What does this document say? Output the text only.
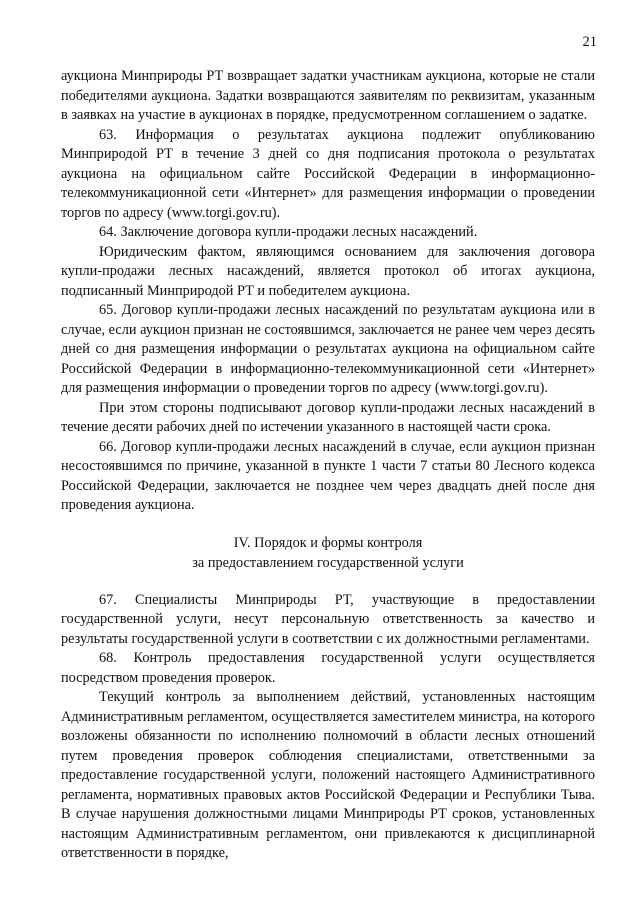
21

аукциона Минприроды РТ возвращает задатки участникам аукциона, которые не стали победителями аукциона. Задатки возвращаются заявителям по реквизитам, указанным в заявках на участие в аукционах в порядке, предусмотренном соглашением о задатке.

63. Информация о результатах аукциона подлежит опубликованию Минприродой РТ в течение 3 дней со дня подписания протокола о результатах аукциона на официальном сайте Российской Федерации в информационно-телекоммуникационной сети «Интернет» для размещения информации о проведении торгов по адресу (www.torgi.gov.ru).

64. Заключение договора купли-продажи лесных насаждений.

Юридическим фактом, являющимся основанием для заключения договора купли-продажи лесных насаждений, является протокол об итогах аукциона, подписанный Минприродой РТ и победителем аукциона.

65. Договор купли-продажи лесных насаждений по результатам аукциона или в случае, если аукцион признан не состоявшимся, заключается не ранее чем через десять дней со дня размещения информации о результатах аукциона на официальном сайте Российской Федерации в информационно-телекоммуникационной сети «Интернет» для размещения информации о проведении торгов по адресу (www.torgi.gov.ru).

При этом стороны подписывают договор купли-продажи лесных насаждений в течение десяти рабочих дней по истечении указанного в настоящей части срока.

66. Договор купли-продажи лесных насаждений в случае, если аукцион признан несостоявшимся по причине, указанной в пункте 1 части 7 статьи 80 Лесного кодекса Российской Федерации, заключается не позднее чем через двадцать дней после дня проведения аукциона.

IV. Порядок и формы контроля
за предоставлением государственной услуги

67. Специалисты Минприроды РТ, участвующие в предоставлении государственной услуги, несут персональную ответственность за качество и результаты государственной услуги в соответствии с их должностными регламентами.

68. Контроль предоставления государственной услуги осуществляется посредством проведения проверок.

Текущий контроль за выполнением действий, установленных настоящим Административным регламентом, осуществляется заместителем министра, на которого возложены обязанности по исполнению полномочий в области лесных отношений путем проведения проверок соблюдения специалистами, ответственными за предоставление государственной услуги, положений настоящего Административного регламента, нормативных правовых актов Российской Федерации и Республики Тыва. В случае нарушения должностными лицами Минприроды РТ сроков, установленных настоящим Административным регламентом, они привлекаются к дисциплинарной ответственности в порядке,
